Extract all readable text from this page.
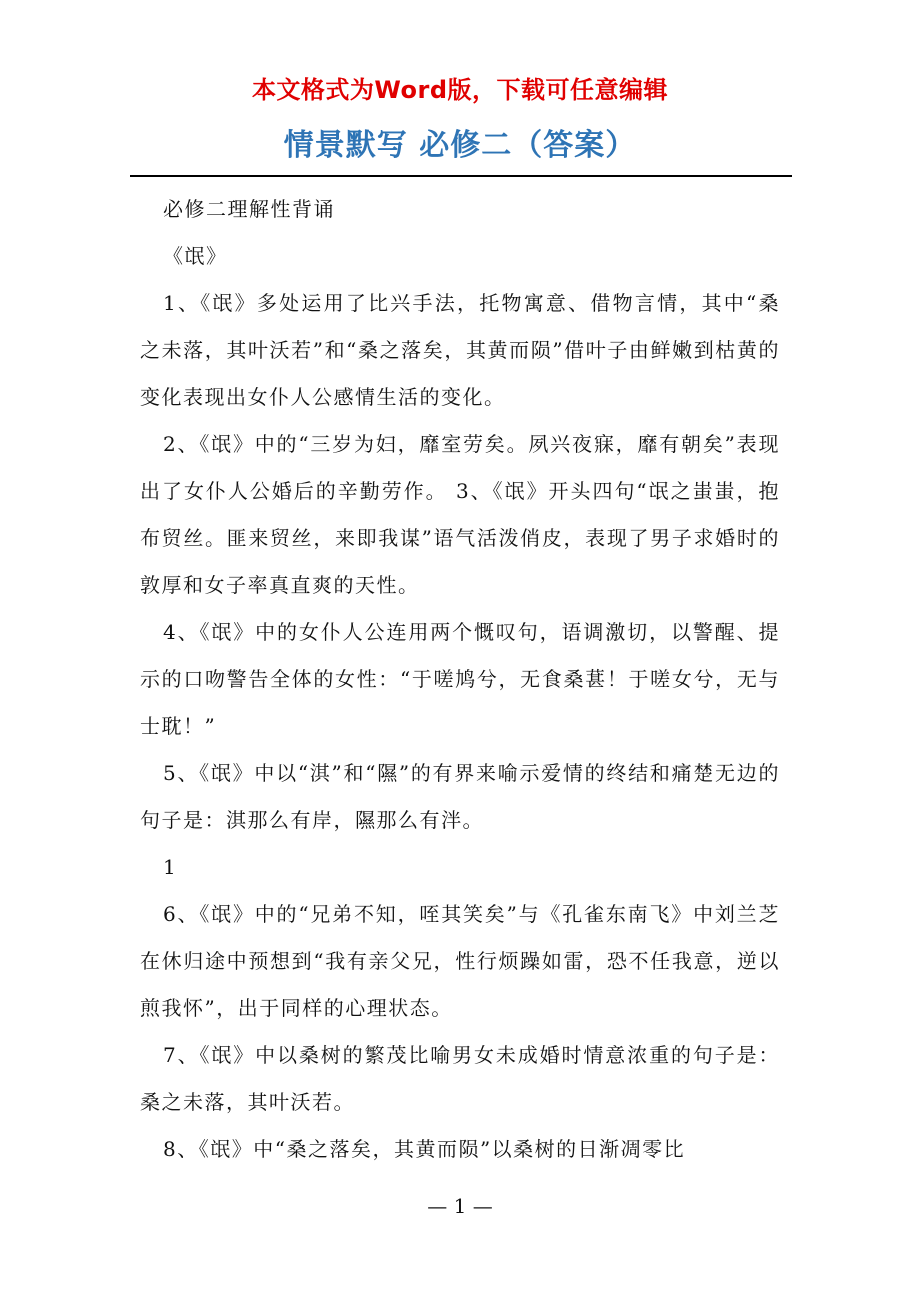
本文格式为Word版，下载可任意编辑
情景默写 必修二（答案）

必修二理解性背诵

《氓》

1、《氓》多处运用了比兴手法，托物寓意、借物言情，其中“桑之未落，其叶沃若”和“桑之落矣，其黄而陨”借叶子由鲜嫩到枯黄的变化表现出女仆人公感情生活的变化。

2、《氓》中的“三岁为妇，靡室劳矣。夙兴夜寐，靡有朝矣”表现出了女仆人公婚后的辛勤劳作。 3、《氓》开头四句“氓之蚩蚩，抱布贸丝。匪来贸丝，来即我谋”语气活泼俏皮，表现了男子求婚时的敦厚和女子率真直爽的天性。

4、《氓》中的女仆人公连用两个慨叹句，语调激切，以警醒、提示的口吻警告全体的女性：“于嗟鸠兮，无食桑葚！于嗟女兮，无与士耽！”

5、《氓》中以“淇”和“隰”的有界来喻示爱情的终结和痛楚无边的句子是：淇那么有岸，隰那么有泮。

1

6、《氓》中的“兄弟不知，咥其笑矣”与《孔雀东南飞》中刘兰芝在休归途中预想到“我有亲父兄，性行烦躁如雷，恐不任我意，逆以煎我怀”，出于同样的心理状态。

7、《氓》中以桑树的繁茂比喻男女未成婚时情意浓重的句子是：桑之未落，其叶沃若。

8、《氓》中“桑之落矣，其黄而陨”以桑树的日渐凋零比

— 1 —
